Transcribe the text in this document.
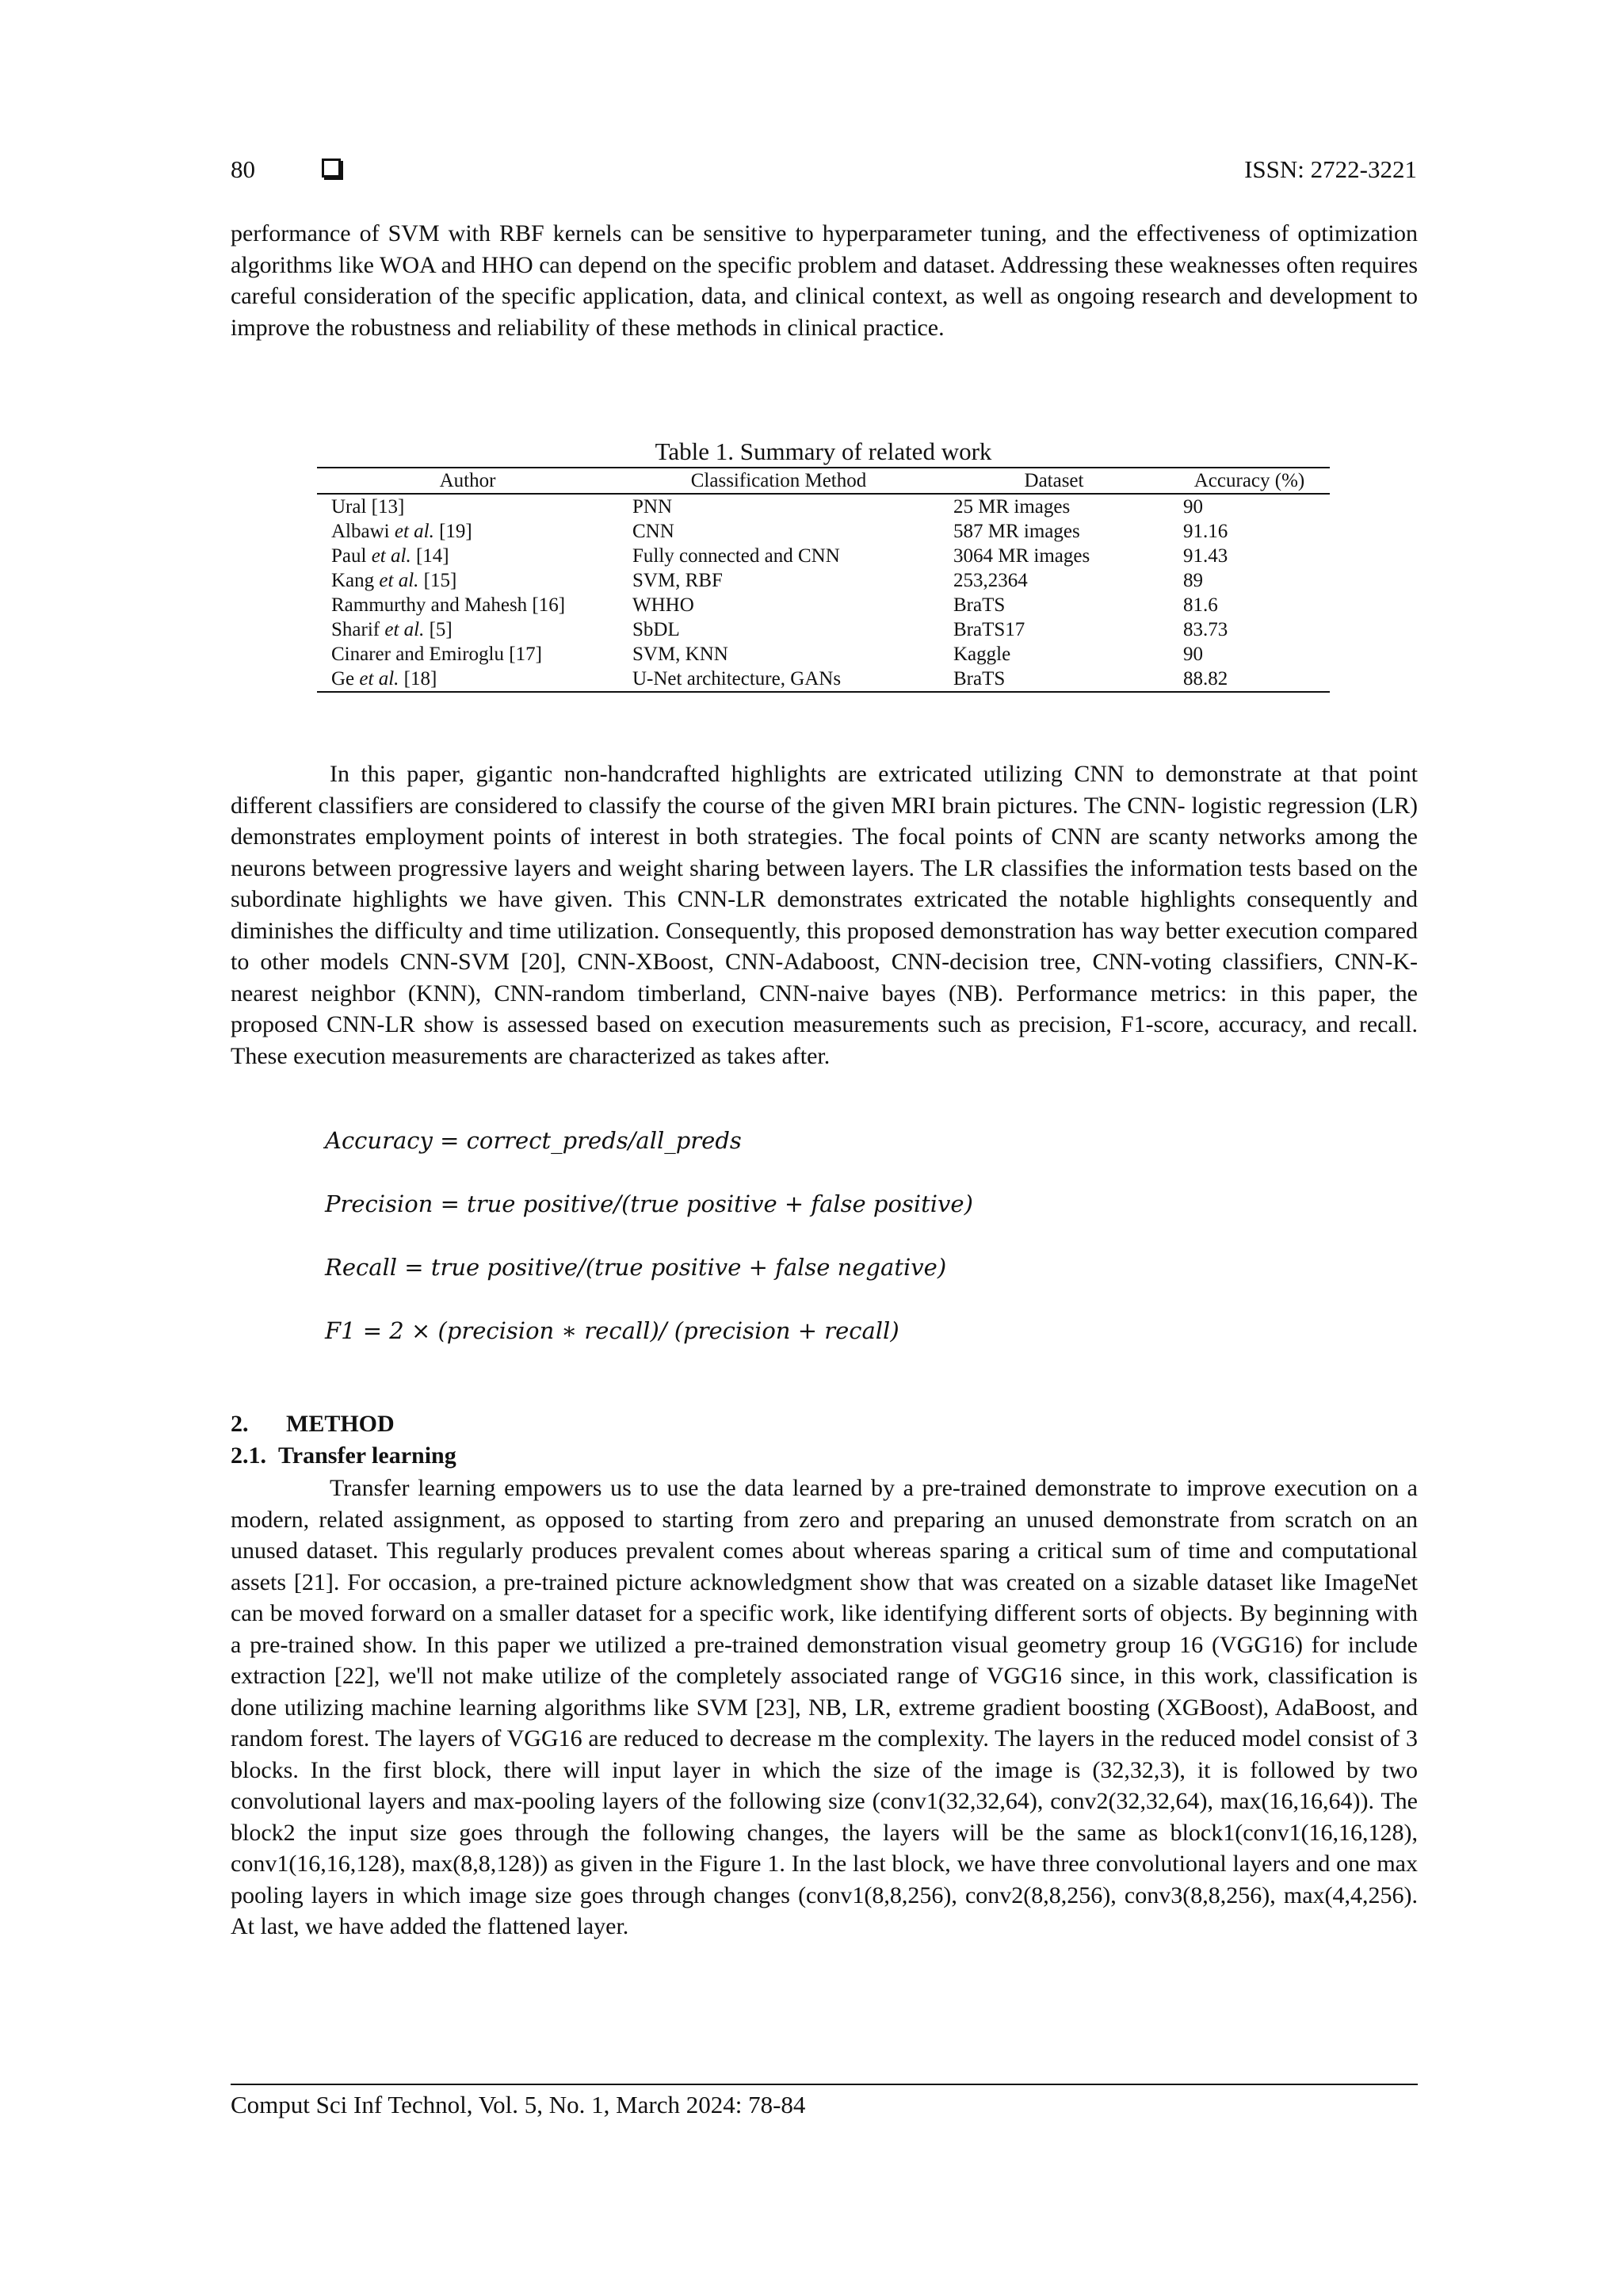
80	ISSN: 2722-3221

performance of SVM with RBF kernels can be sensitive to hyperparameter tuning, and the effectiveness of optimization algorithms like WOA and HHO can depend on the specific problem and dataset. Addressing these weaknesses often requires careful consideration of the specific application, data, and clinical context, as well as ongoing research and development to improve the robustness and reliability of these methods in clinical practice.

Table 1. Summary of related work
Author	Classification Method	Dataset	Accuracy (%)
Ural [13]	PNN	25 MR images	90
Albawi et al. [19]	CNN	587 MR images	91.16
Paul et al. [14]	Fully connected and CNN	3064 MR images	91.43
Kang et al. [15]	SVM, RBF	253,2364	89
Rammurthy and Mahesh [16]	WHHO	BraTS	81.6
Sharif et al. [5]	SbDL	BraTS17	83.73
Cinarer and Emiroglu [17]	SVM, KNN	Kaggle	90
Ge et al. [18]	U-Net architecture, GANs	BraTS	88.82

In this paper, gigantic non-handcrafted highlights are extricated utilizing CNN to demonstrate at that point different classifiers are considered to classify the course of the given MRI brain pictures. The CNN- logistic regression (LR) demonstrates employment points of interest in both strategies. The focal points of CNN are scanty networks among the neurons between progressive layers and weight sharing between layers. The LR classifies the information tests based on the subordinate highlights we have given. This CNN-LR demonstrates extricated the notable highlights consequently and diminishes the difficulty and time utilization. Consequently, this proposed demonstration has way better execution compared to other models CNN-SVM [20], CNN-XBoost, CNN-Adaboost, CNN-decision tree, CNN-voting classifiers, CNN-K-nearest neighbor (KNN), CNN-random timberland, CNN-naive bayes (NB). Performance metrics: in this paper, the proposed CNN-LR show is assessed based on execution measurements such as precision, F1-score, accuracy, and recall. These execution measurements are characterized as takes after.

Accuracy = correct_preds/all_preds
Precision = true positive/(true positive + false positive)
Recall = true positive/(true positive + false negative)
F1 = 2 × (precision ∗ recall)/ (precision + recall)
2. METHOD
2.1. Transfer learning

Transfer learning empowers us to use the data learned by a pre-trained demonstrate to improve execution on a modern, related assignment, as opposed to starting from zero and preparing an unused demonstrate from scratch on an unused dataset. This regularly produces prevalent comes about whereas sparing a critical sum of time and computational assets [21]. For occasion, a pre-trained picture acknowledgment show that was created on a sizable dataset like ImageNet can be moved forward on a smaller dataset for a specific work, like identifying different sorts of objects. By beginning with a pre-trained show. In this paper we utilized a pre-trained demonstration visual geometry group 16 (VGG16) for include extraction [22], we'll not make utilize of the completely associated range of VGG16 since, in this work, classification is done utilizing machine learning algorithms like SVM [23], NB, LR, extreme gradient boosting (XGBoost), AdaBoost, and random forest. The layers of VGG16 are reduced to decrease m the complexity. The layers in the reduced model consist of 3 blocks. In the first block, there will input layer in which the size of the image is (32,32,3), it is followed by two convolutional layers and max-pooling layers of the following size (conv1(32,32,64), conv2(32,32,64), max(16,16,64)). The block2 the input size goes through the following changes, the layers will be the same as block1(conv1(16,16,128), conv1(16,16,128), max(8,8,128)) as given in the Figure 1. In the last block, we have three convolutional layers and one max pooling layers in which image size goes through changes (conv1(8,8,256), conv2(8,8,256), conv3(8,8,256), max(4,4,256). At last, we have added the flattened layer.

Comput Sci Inf Technol, Vol. 5, No. 1, March 2024: 78-84
